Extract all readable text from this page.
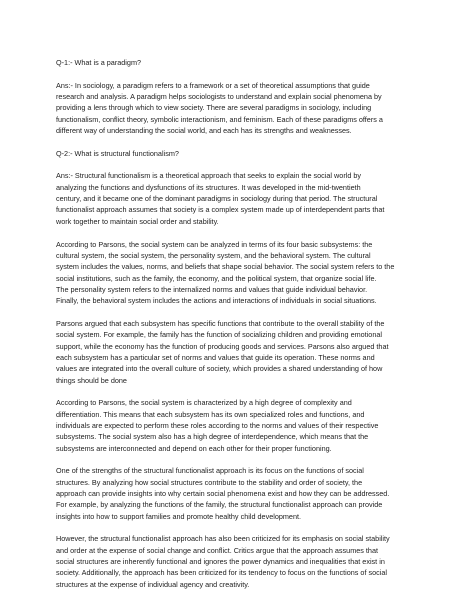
Q-1:- What is a paradigm?
Ans:- In sociology, a paradigm refers to a framework or a set of theoretical assumptions that guide
research and analysis. A paradigm helps sociologists to understand and explain social phenomena by
providing a lens through which to view society. There are several paradigms in sociology, including
functionalism, conflict theory, symbolic interactionism, and feminism. Each of these paradigms offers a
different way of understanding the social world, and each has its strengths and weaknesses.
Q-2:- What is structural functionalism?
Ans:- Structural functionalism is a theoretical approach that seeks to explain the social world by
analyzing the functions and dysfunctions of its structures. It was developed in the mid-twentieth
century, and it became one of the dominant paradigms in sociology during that period. The structural
functionalist approach assumes that society is a complex system made up of interdependent parts that
work together to maintain social order and stability.
According to Parsons, the social system can be analyzed in terms of its four basic subsystems: the
cultural system, the social system, the personality system, and the behavioral system. The cultural
system includes the values, norms, and beliefs that shape social behavior. The social system refers to the
social institutions, such as the family, the economy, and the political system, that organize social life.
The personality system refers to the internalized norms and values that guide individual behavior.
Finally, the behavioral system includes the actions and interactions of individuals in social situations.
Parsons argued that each subsystem has specific functions that contribute to the overall stability of the
social system. For example, the family has the function of socializing children and providing emotional
support, while the economy has the function of producing goods and services. Parsons also argued that
each subsystem has a particular set of norms and values that guide its operation. These norms and
values are integrated into the overall culture of society, which provides a shared understanding of how
things should be done
According to Parsons, the social system is characterized by a high degree of complexity and
differentiation. This means that each subsystem has its own specialized roles and functions, and
individuals are expected to perform these roles according to the norms and values of their respective
subsystems. The social system also has a high degree of interdependence, which means that the
subsystems are interconnected and depend on each other for their proper functioning.
One of the strengths of the structural functionalist approach is its focus on the functions of social
structures. By analyzing how social structures contribute to the stability and order of society, the
approach can provide insights into why certain social phenomena exist and how they can be addressed.
For example, by analyzing the functions of the family, the structural functionalist approach can provide
insights into how to support families and promote healthy child development.
However, the structural functionalist approach has also been criticized for its emphasis on social stability
and order at the expense of social change and conflict. Critics argue that the approach assumes that
social structures are inherently functional and ignores the power dynamics and inequalities that exist in
society. Additionally, the approach has been criticized for its tendency to focus on the functions of social
structures at the expense of individual agency and creativity.
